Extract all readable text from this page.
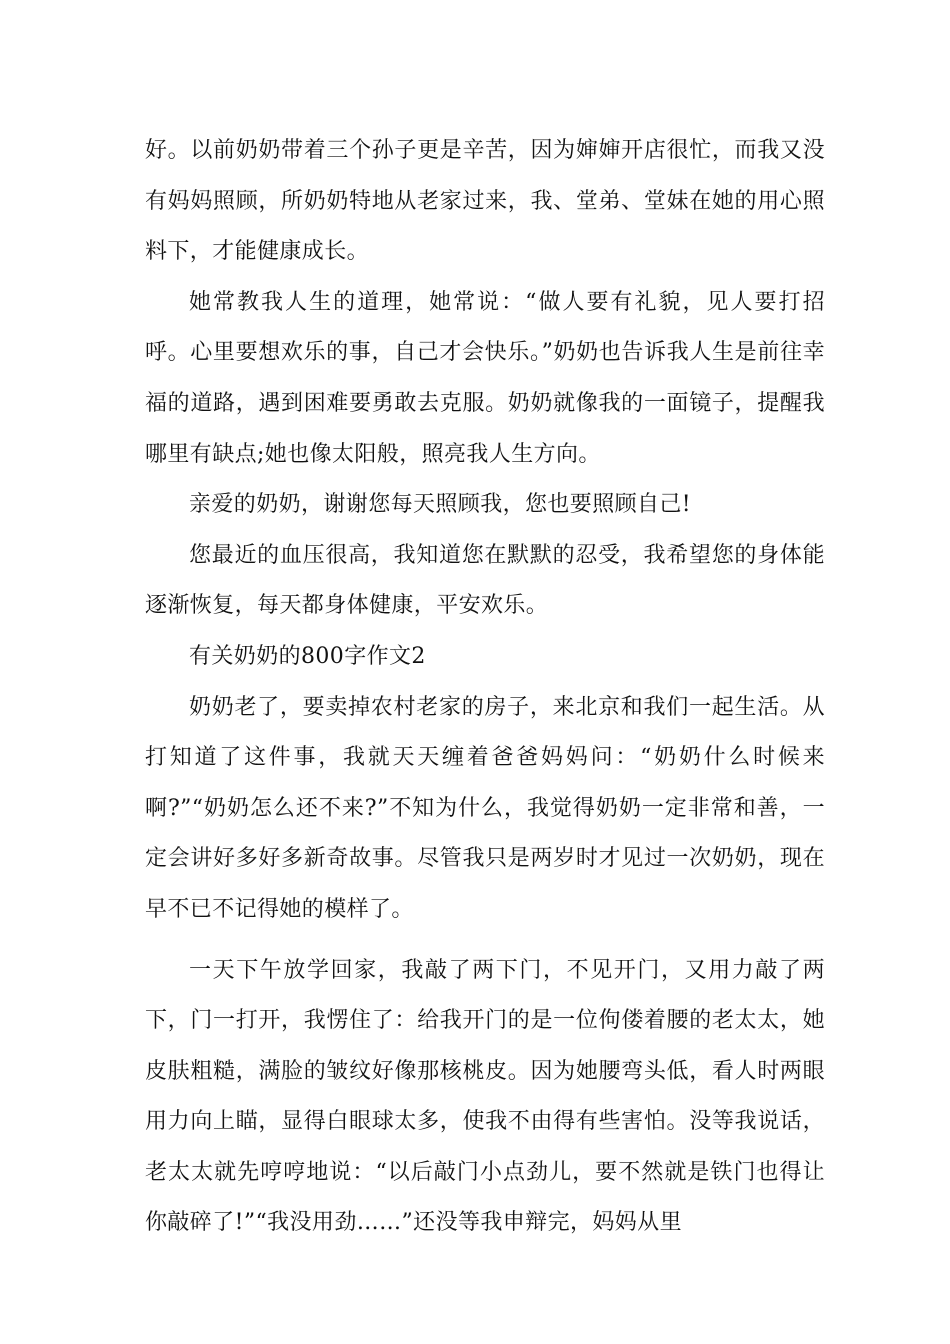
好。以前奶奶带着三个孙子更是辛苦，因为婶婶开店很忙，而我又没有妈妈照顾，所奶奶特地从老家过来，我、堂弟、堂妹在她的用心照料下，才能健康成长。

她常教我人生的道理，她常说：“做人要有礼貌，见人要打招呼。心里要想欢乐的事，自己才会快乐。”奶奶也告诉我人生是前往幸福的道路，遇到困难要勇敢去克服。奶奶就像我的一面镜子，提醒我哪里有缺点;她也像太阳般，照亮我人生方向。

亲爱的奶奶，谢谢您每天照顾我，您也要照顾自己!

您最近的血压很高，我知道您在默默的忍受，我希望您的身体能逐渐恢复，每天都身体健康，平安欢乐。

有关奶奶的800字作文2

奶奶老了，要卖掉农村老家的房子，来北京和我们一起生活。从打知道了这件事，我就天天缠着爸爸妈妈问：“奶奶什么时候来啊?”“奶奶怎么还不来?”不知为什么，我觉得奶奶一定非常和善，一定会讲好多好多新奇故事。尽管我只是两岁时才见过一次奶奶，现在早不已不记得她的模样了。

一天下午放学回家，我敲了两下门，不见开门，又用力敲了两下，门一打开，我愣住了：给我开门的是一位佝偻着腰的老太太，她皮肤粗糙，满脸的皱纹好像那核桃皮。因为她腰弯头低，看人时两眼用力向上瞄，显得白眼球太多，使我不由得有些害怕。没等我说话，老太太就先哼哼地说：“以后敲门小点劲儿，要不然就是铁门也得让你敲碎了!”“我没用劲……”还没等我申辩完，妈妈从里
